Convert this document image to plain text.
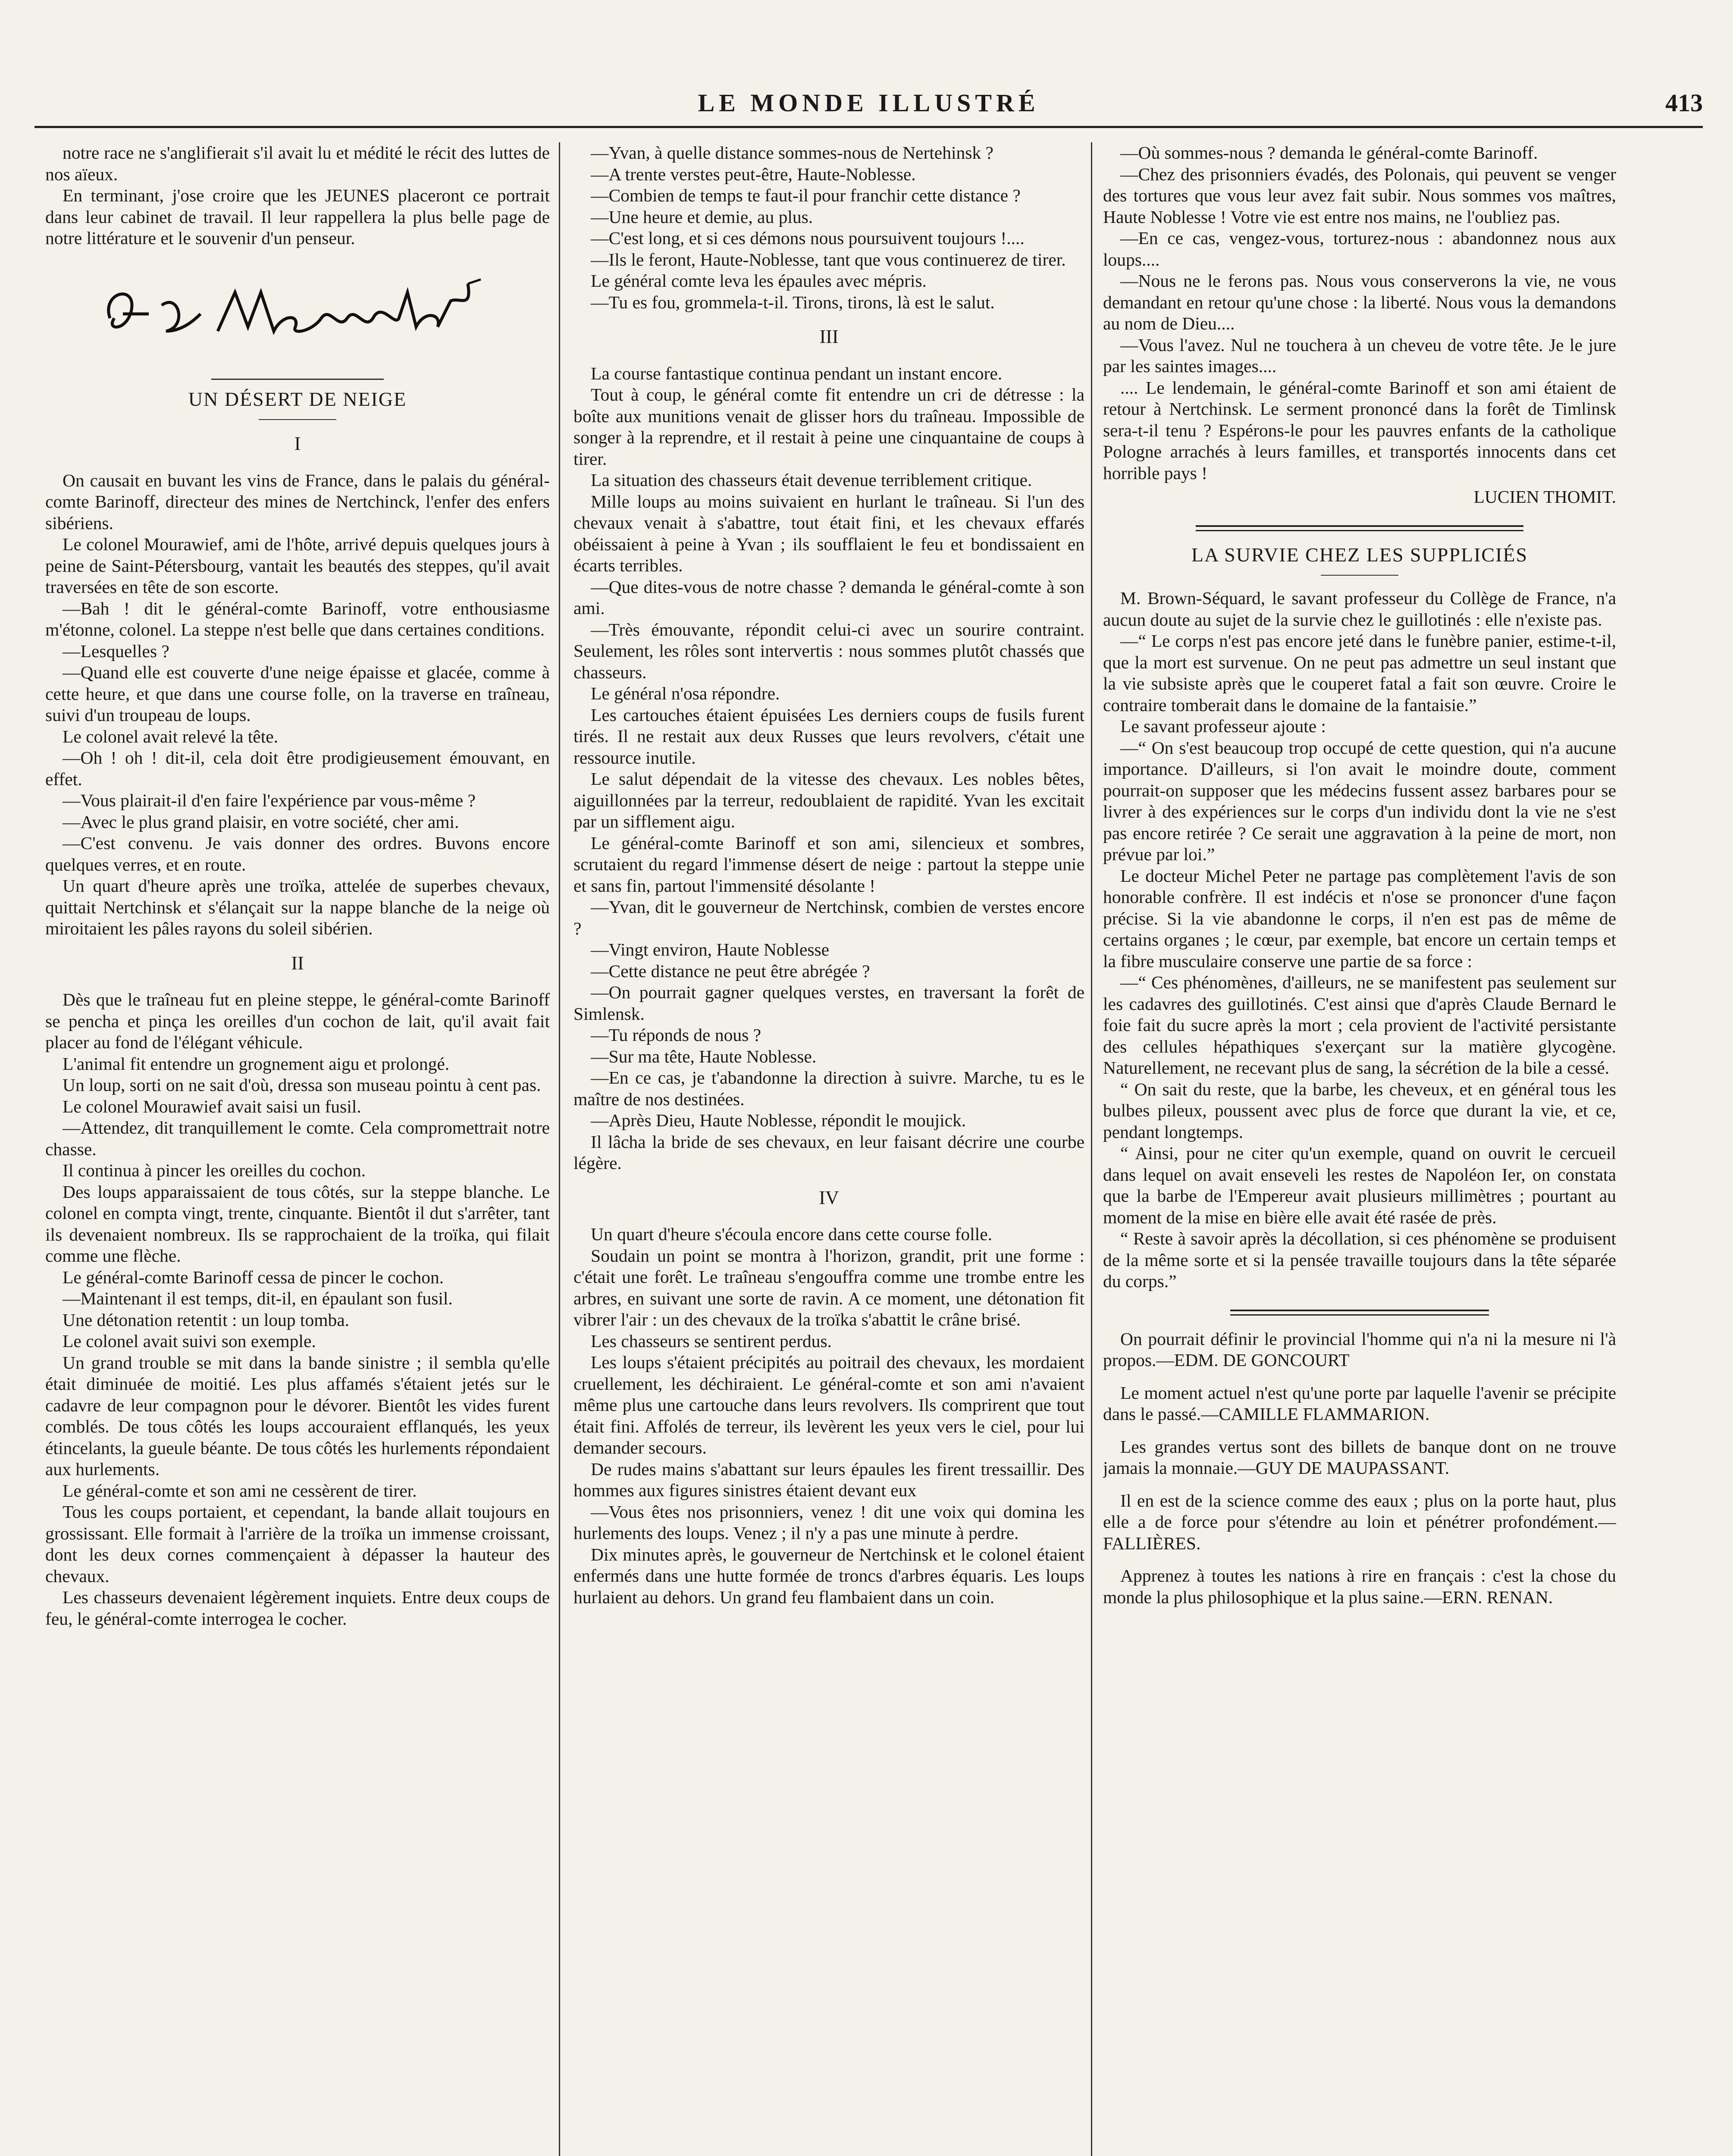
LE MONDE ILLUSTRÉ	413

notre race ne s'anglifierait s'il avait lu et médité le récit des luttes de nos aïeux.

En terminant, j'ose croire que les JEUNES placeront ce portrait dans leur cabinet de travail. Il leur rappellera la plus belle page de notre littérature et le souvenir d'un penseur.

UN DÉSERT DE NEIGE
I

On causait en buvant les vins de France, dans le palais du général-comte Barinoff, directeur des mines de Nertchinck, l'enfer des enfers sibériens.

Le colonel Mourawief, ami de l'hôte, arrivé depuis quelques jours à peine de Saint-Pétersbourg, vantait les beautés des steppes, qu'il avait traversées en tête de son escorte.

—Bah ! dit le général-comte Barinoff, votre enthousiasme m'étonne, colonel. La steppe n'est belle que dans certaines conditions.

—Lesquelles ?

—Quand elle est couverte d'une neige épaisse et glacée, comme à cette heure, et que dans une course folle, on la traverse en traîneau, suivi d'un troupeau de loups.

Le colonel avait relevé la tête.

—Oh ! oh ! dit-il, cela doit être prodigieusement émouvant, en effet.

—Vous plairait-il d'en faire l'expérience par vous-même ?

—Avec le plus grand plaisir, en votre société, cher ami.

—C'est convenu. Je vais donner des ordres. Buvons encore quelques verres, et en route.

Un quart d'heure après une troïka, attelée de superbes chevaux, quittait Nertchinsk et s'élançait sur la nappe blanche de la neige où miroitaient les pâles rayons du soleil sibérien.

II

Dès que le traîneau fut en pleine steppe, le général-comte Barinoff se pencha et pinça les oreilles d'un cochon de lait, qu'il avait fait placer au fond de l'élégant véhicule.

L'animal fit entendre un grognement aigu et prolongé.

Un loup, sorti on ne sait d'où, dressa son museau pointu à cent pas.

Le colonel Mourawief avait saisi un fusil.

—Attendez, dit tranquillement le comte. Cela compromettrait notre chasse.

Il continua à pincer les oreilles du cochon.

Des loups apparaissaient de tous côtés, sur la steppe blanche. Le colonel en compta vingt, trente, cinquante. Bientôt il dut s'arrêter, tant ils devenaient nombreux. Ils se rapprochaient de la troïka, qui filait comme une flèche.

Le général-comte Barinoff cessa de pincer le cochon.

—Maintenant il est temps, dit-il, en épaulant son fusil.

Une détonation retentit : un loup tomba.

Le colonel avait suivi son exemple.

Un grand trouble se mit dans la bande sinistre ; il sembla qu'elle était diminuée de moitié. Les plus affamés s'étaient jetés sur le cadavre de leur compagnon pour le dévorer. Bientôt les vides furent comblés. De tous côtés les loups accouraient efflanqués, les yeux étincelants, la gueule béante. De tous côtés les hurlements répondaient aux hurlements.

Le général-comte et son ami ne cessèrent de tirer.

Tous les coups portaient, et cependant, la bande allait toujours en grossissant. Elle formait à l'arrière de la troïka un immense croissant, dont les deux cornes commençaient à dépasser la hauteur des chevaux.

Les chasseurs devenaient légèrement inquiets. Entre deux coups de feu, le général-comte interrogea le cocher.

—Yvan, à quelle distance sommes-nous de Nertehinsk ?

—A trente verstes peut-être, Haute-Noblesse.

—Combien de temps te faut-il pour franchir cette distance ?

—Une heure et demie, au plus.

—C'est long, et si ces démons nous poursuivent toujours !....

—Ils le feront, Haute-Noblesse, tant que vous continuerez de tirer.

Le général comte leva les épaules avec mépris.

—Tu es fou, grommela-t-il. Tirons, tirons, là est le salut.

III

La course fantastique continua pendant un instant encore.

Tout à coup, le général comte fit entendre un cri de détresse : la boîte aux munitions venait de glisser hors du traîneau. Impossible de songer à la reprendre, et il restait à peine une cinquantaine de coups à tirer.

La situation des chasseurs était devenue terriblement critique.

Mille loups au moins suivaient en hurlant le traîneau. Si l'un des chevaux venait à s'abattre, tout était fini, et les chevaux effarés obéissaient à peine à Yvan ; ils soufflaient le feu et bondissaient en écarts terribles.

—Que dites-vous de notre chasse ? demanda le général-comte à son ami.

—Très émouvante, répondit celui-ci avec un sourire contraint. Seulement, les rôles sont intervertis : nous sommes plutôt chassés que chasseurs.

Le général n'osa répondre.

Les cartouches étaient épuisées Les derniers coups de fusils furent tirés. Il ne restait aux deux Russes que leurs revolvers, c'était une ressource inutile.

Le salut dépendait de la vitesse des chevaux. Les nobles bêtes, aiguillonnées par la terreur, redoublaient de rapidité. Yvan les excitait par un sifflement aigu.

Le général-comte Barinoff et son ami, silencieux et sombres, scrutaient du regard l'immense désert de neige : partout la steppe unie et sans fin, partout l'immensité désolante !

—Yvan, dit le gouverneur de Nertchinsk, combien de verstes encore ?

—Vingt environ, Haute Noblesse

—Cette distance ne peut être abrégée ?

—On pourrait gagner quelques verstes, en traversant la forêt de Simlensk.

—Tu réponds de nous ?

—Sur ma tête, Haute Noblesse.

—En ce cas, je t'abandonne la direction à suivre. Marche, tu es le maître de nos destinées.

—Après Dieu, Haute Noblesse, répondit le moujick.

Il lâcha la bride de ses chevaux, en leur faisant décrire une courbe légère.

IV

Un quart d'heure s'écoula encore dans cette course folle.

Soudain un point se montra à l'horizon, grandit, prit une forme : c'était une forêt. Le traîneau s'engouffra comme une trombe entre les arbres, en suivant une sorte de ravin. A ce moment, une détonation fit vibrer l'air : un des chevaux de la troïka s'abattit le crâne brisé.

Les chasseurs se sentirent perdus.

Les loups s'étaient précipités au poitrail des chevaux, les mordaient cruellement, les déchiraient. Le général-comte et son ami n'avaient même plus une cartouche dans leurs revolvers. Ils comprirent que tout était fini. Affolés de terreur, ils levèrent les yeux vers le ciel, pour lui demander secours.

De rudes mains s'abattant sur leurs épaules les firent tressaillir. Des hommes aux figures sinistres étaient devant eux

—Vous êtes nos prisonniers, venez ! dit une voix qui domina les hurlements des loups. Venez ; il n'y a pas une minute à perdre.

Dix minutes après, le gouverneur de Nertchinsk et le colonel étaient enfermés dans une hutte formée de troncs d'arbres équaris. Les loups hurlaient au dehors. Un grand feu flambaient dans un coin.

—Où sommes-nous ? demanda le général-comte Barinoff.

—Chez des prisonniers évadés, des Polonais, qui peuvent se venger des tortures que vous leur avez fait subir. Nous sommes vos maîtres, Haute Noblesse ! Votre vie est entre nos mains, ne l'oubliez pas.

—En ce cas, vengez-vous, torturez-nous : abandonnez nous aux loups....

—Nous ne le ferons pas. Nous vous conserverons la vie, ne vous demandant en retour qu'une chose : la liberté. Nous vous la demandons au nom de Dieu....

—Vous l'avez. Nul ne touchera à un cheveu de votre tête. Je le jure par les saintes images....

.... Le lendemain, le général-comte Barinoff et son ami étaient de retour à Nertchinsk. Le serment prononcé dans la forêt de Timlinsk sera-t-il tenu ? Espérons-le pour les pauvres enfants de la catholique Pologne arrachés à leurs familles, et transportés innocents dans cet horrible pays !

LUCIEN THOMIT.
LA SURVIE CHEZ LES SUPPLICIÉS

M. Brown-Séquard, le savant professeur du Collège de France, n'a aucun doute au sujet de la survie chez le guillotinés : elle n'existe pas.

—“ Le corps n'est pas encore jeté dans le funèbre panier, estime-t-il, que la mort est survenue. On ne peut pas admettre un seul instant que la vie subsiste après que le couperet fatal a fait son œuvre. Croire le contraire tomberait dans le domaine de la fantaisie.”

Le savant professeur ajoute :

—“ On s'est beaucoup trop occupé de cette question, qui n'a aucune importance. D'ailleurs, si l'on avait le moindre doute, comment pourrait-on supposer que les médecins fussent assez barbares pour se livrer à des expériences sur le corps d'un individu dont la vie ne s'est pas encore retirée ? Ce serait une aggravation à la peine de mort, non prévue par loi.”

Le docteur Michel Peter ne partage pas complètement l'avis de son honorable confrère. Il est indécis et n'ose se prononcer d'une façon précise. Si la vie abandonne le corps, il n'en est pas de même de certains organes ; le cœur, par exemple, bat encore un certain temps et la fibre musculaire conserve une partie de sa force :

—“ Ces phénomènes, d'ailleurs, ne se manifestent pas seulement sur les cadavres des guillotinés. C'est ainsi que d'après Claude Bernard le foie fait du sucre après la mort ; cela provient de l'activité persistante des cellules hépathiques s'exerçant sur la matière glycogène. Naturellement, ne recevant plus de sang, la sécrétion de la bile a cessé.

“ On sait du reste, que la barbe, les cheveux, et en général tous les bulbes pileux, poussent avec plus de force que durant la vie, et ce, pendant longtemps.

“ Ainsi, pour ne citer qu'un exemple, quand on ouvrit le cercueil dans lequel on avait enseveli les restes de Napoléon Ier, on constata que la barbe de l'Empereur avait plusieurs millimètres ; pourtant au moment de la mise en bière elle avait été rasée de près.

“ Reste à savoir après la décollation, si ces phénomène se produisent de la même sorte et si la pensée travaille toujours dans la tête séparée du corps.”

On pourrait définir le provincial l'homme qui n'a ni la mesure ni l'à propos.—EDM. DE GONCOURT

Le moment actuel n'est qu'une porte par laquelle l'avenir se précipite dans le passé.—CAMILLE FLAMMARION.

Les grandes vertus sont des billets de banque dont on ne trouve jamais la monnaie.—GUY DE MAUPASSANT.

Il en est de la science comme des eaux ; plus on la porte haut, plus elle a de force pour s'étendre au loin et pénétrer profondément.—FALLIÈRES.

Apprenez à toutes les nations à rire en français : c'est la chose du monde la plus philosophique et la plus saine.—ERN. RENAN.
